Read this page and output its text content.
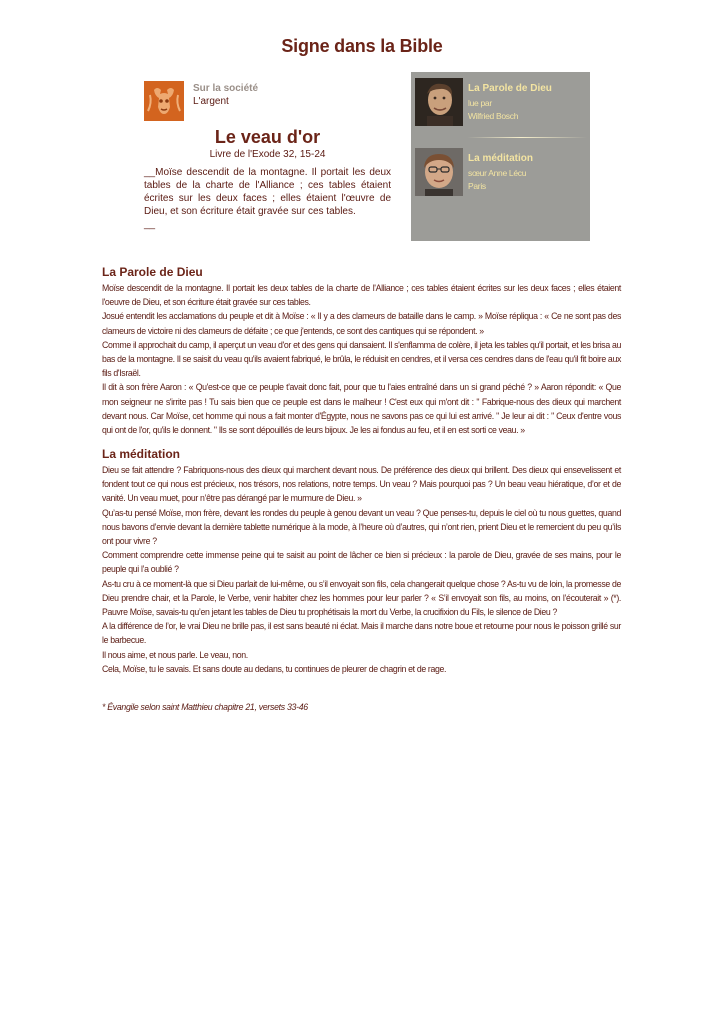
Signe dans la Bible
Sur la société
L'argent
Le veau d'or
Livre de l'Exode 32, 15-24
__Moïse descendit de la montagne. Il portait les deux tables de la charte de l'Alliance ; ces tables étaient écrites sur les deux faces ; elles étaient l'œuvre de Dieu, et son écriture était gravée sur ces tables.
__
La Parole de Dieu
lue par
Wilfried Bosch
La méditation
sœur Anne Lécu
Paris
La Parole de Dieu

Moïse descendit de la montagne. Il portait les deux tables de la charte de l'Alliance ; ces tables étaient écrites sur les deux faces ; elles étaient l'oeuvre de Dieu, et son écriture était gravée sur ces tables.

Josué entendit les acclamations du peuple et dit à Moïse : « Il y a des clameurs de bataille dans le camp. » Moïse répliqua : « Ce ne sont pas des clameurs de victoire ni des clameurs de défaite ; ce que j'entends, ce sont des cantiques qui se répondent. »

Comme il approchait du camp, il aperçut un veau d'or et des gens qui dansaient. Il s'enflamma de colère, il jeta les tables qu'il portait, et les brisa au bas de la montagne. Il se saisit du veau qu'ils avaient fabriqué, le brûla, le réduisit en cendres, et il versa ces cendres dans de l'eau qu'il fit boire aux fils d'Israël.

Il dit à son frère Aaron : « Qu'est-ce que ce peuple t'avait donc fait, pour que tu l'aies entraîné dans un si grand péché ? » Aaron répondit: « Que mon seigneur ne s'irrite pas ! Tu sais bien que ce peuple est dans le malheur ! C'est eux qui m'ont dit : " Fabrique-nous des dieux qui marchent devant nous. Car Moïse, cet homme qui nous a fait monter d'Égypte, nous ne savons pas ce qui lui est arrivé. " Je leur ai dit : " Ceux d'entre vous qui ont de l'or, qu'ils le donnent. " Ils se sont dépouillés de leurs bijoux. Je les ai fondus au feu, et il en est sorti ce veau. »

La méditation

Dieu se fait attendre ? Fabriquons-nous des dieux qui marchent devant nous. De préférence des dieux qui brillent. Des dieux qui ensevelissent et fondent tout ce qui nous est précieux, nos trésors, nos relations, notre temps. Un veau ? Mais pourquoi pas ? Un beau veau hiératique, d’or et de vanité. Un veau muet, pour n’être pas dérangé par le murmure de Dieu. »

Qu’as-tu pensé Moïse, mon frère, devant les rondes du peuple à genou devant un veau ? Que penses-tu, depuis le ciel où tu nous guettes, quand nous bavons d’envie devant la dernière tablette numérique à la mode, à l’heure où d’autres, qui n’ont rien, prient Dieu et le remercient du peu qu’ils ont pour vivre ?

Comment comprendre cette immense peine qui te saisit au point de lâcher ce bien si précieux : la parole de Dieu, gravée de ses mains, pour le peuple qui l’a oublié ?

As-tu cru à ce moment-là que si Dieu parlait de lui-même, ou s’il envoyait son fils, cela changerait quelque chose ? As-tu vu de loin, la promesse de Dieu prendre chair, et la Parole, le Verbe, venir habiter chez les hommes pour leur parler ? « S’il envoyait son fils, au moins, on l’écouterait » (*). Pauvre Moïse, savais-tu qu’en jetant les tables de Dieu tu prophétisais la mort du Verbe, la crucifixion du Fils, le silence de Dieu ?

A la différence de l’or, le vrai Dieu ne brille pas, il est sans beauté ni éclat. Mais il marche dans notre boue et retourne pour nous le poisson grillé sur le barbecue.

Il nous aime, et nous parle. Le veau, non.

Cela, Moïse, tu le savais. Et sans doute au dedans, tu continues de pleurer de chagrin et de rage.

* Évangile selon saint Matthieu chapitre 21, versets 33-46
